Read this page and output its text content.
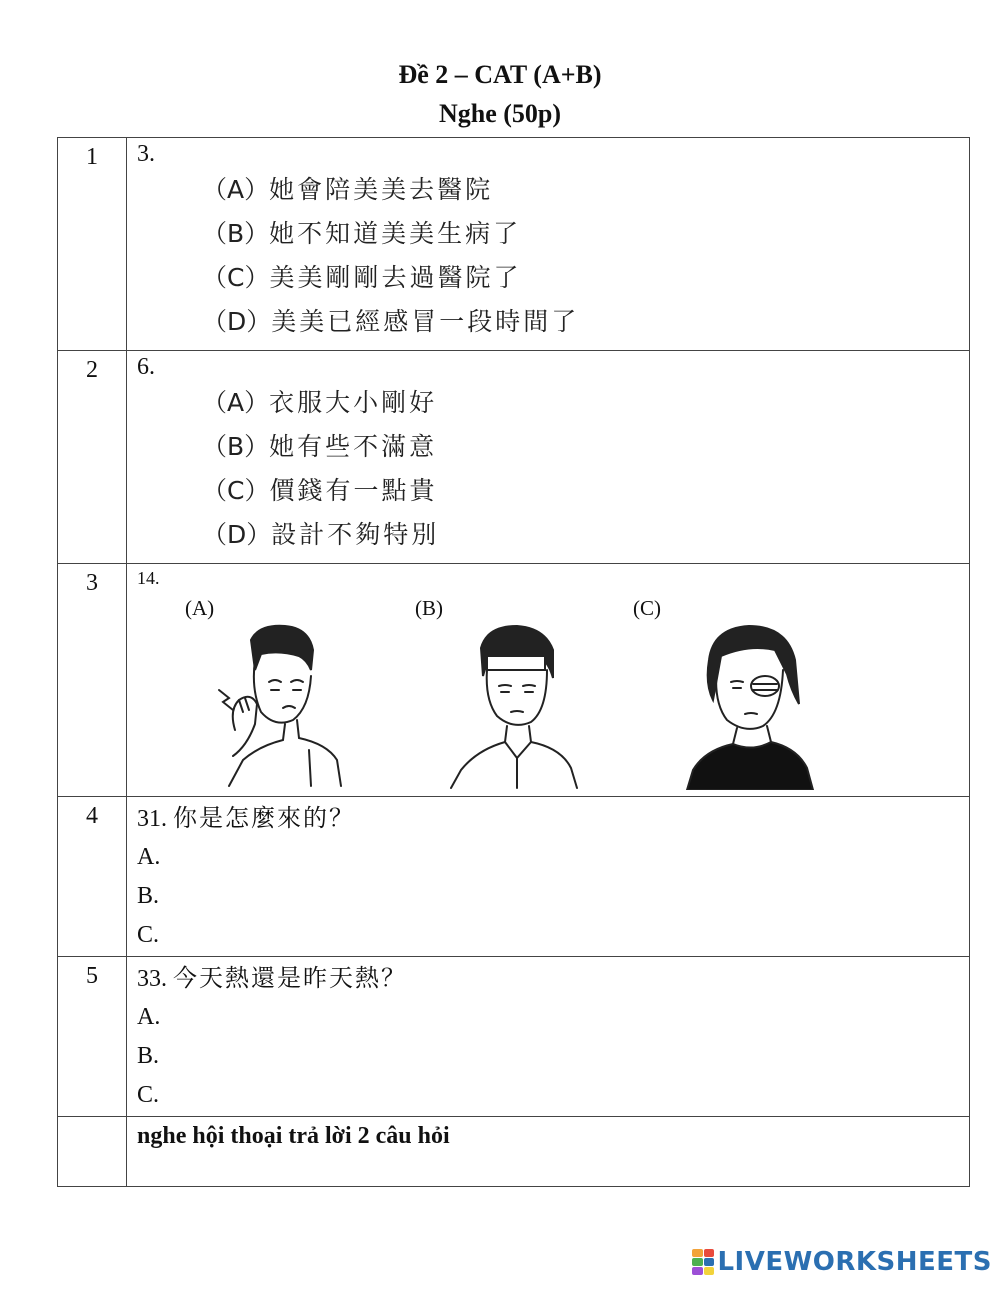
Đề 2 – CAT (A+B)
Nghe (50p)
1	3.
（A）她會陪美美去醫院
（B）她不知道美美生病了
（C）美美剛剛去過醫院了
（D）美美已經感冒一段時間了

2	6.
（A）衣服大小剛好
（B）她有些不滿意
（C）價錢有一點貴
（D）設計不夠特別

3	14.
(A) (B) (C)

4	31. 你是怎麼來的？
A.
B.
C.

5	33. 今天熱還是昨天熱？
A.
B.
C.

	nghe hội thoại trả lời 2 câu hỏi
LIVEWORKSHEETS
